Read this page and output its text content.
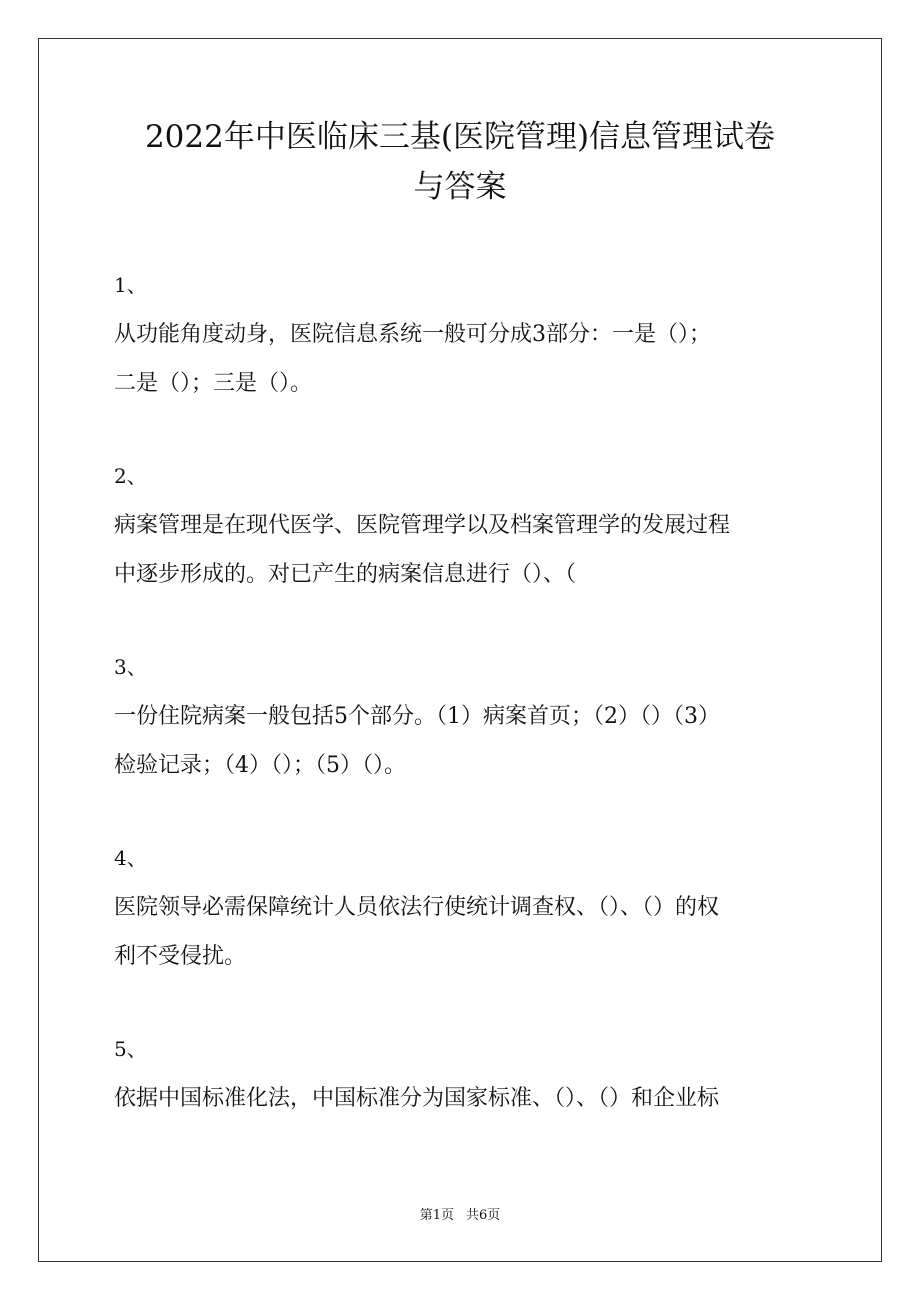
2022年中医临床三基(医院管理)信息管理试卷
与答案

1、

从功能角度动身，医院信息系统一般可分成3部分：一是（）；
二是（）；三是（）。

2、

病案管理是在现代医学、医院管理学以及档案管理学的发展过程
中逐步形成的。对已产生的病案信息进行（）、（

3、

一份住院病案一般包括5个部分。（1）病案首页；（2）（）（3）
检验记录；（4）（）；（5）（）。

4、

医院领导必需保障统计人员依法行使统计调查权、（）、（）的权
利不受侵扰。

5、

依据中国标准化法，中国标准分为国家标准、（）、（）和企业标

第1页 共6页
